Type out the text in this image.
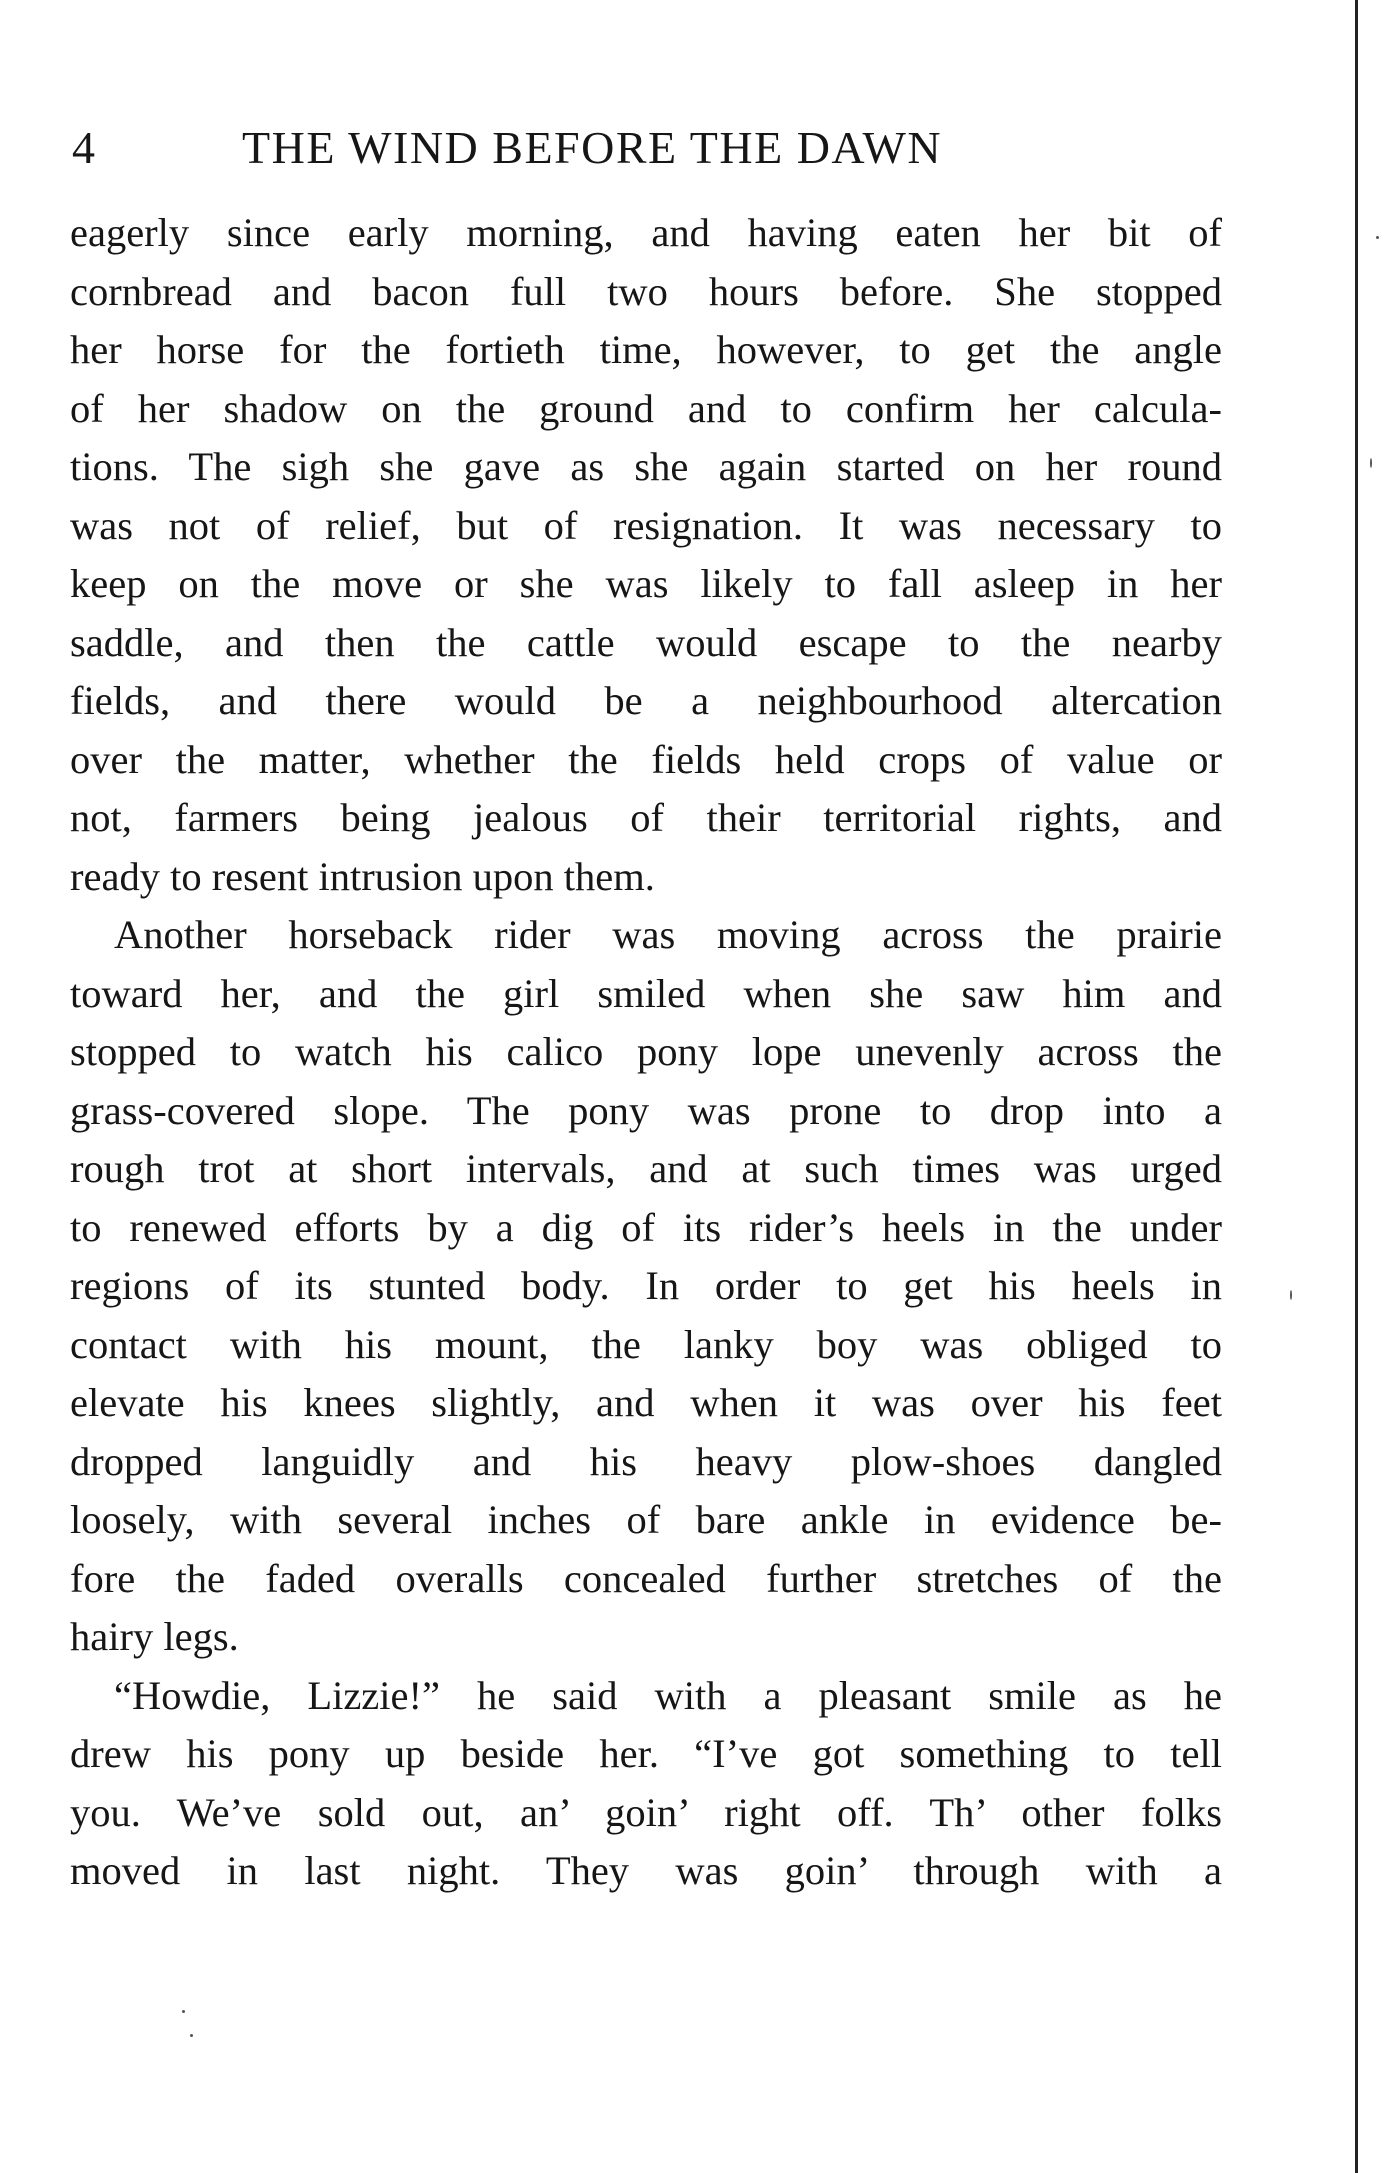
4	THE WIND BEFORE THE DAWN
eagerly since early morning, and having eaten her bit of
cornbread and bacon full two hours before. She stopped
her horse for the fortieth time, however, to get the angle
of her shadow on the ground and to confirm her calcula-
tions. The sigh she gave as she again started on her round
was not of relief, but of resignation. It was necessary to
keep on the move or she was likely to fall asleep in her
saddle, and then the cattle would escape to the nearby
fields, and there would be a neighbourhood altercation
over the matter, whether the fields held crops of value or
not, farmers being jealous of their territorial rights, and
ready to resent intrusion upon them.
Another horseback rider was moving across the prairie
toward her, and the girl smiled when she saw him and
stopped to watch his calico pony lope unevenly across the
grass-covered slope. The pony was prone to drop into a
rough trot at short intervals, and at such times was urged
to renewed efforts by a dig of its rider’s heels in the under
regions of its stunted body. In order to get his heels in
contact with his mount, the lanky boy was obliged to
elevate his knees slightly, and when it was over his feet
dropped languidly and his heavy plow-shoes dangled
loosely, with several inches of bare ankle in evidence be-
fore the faded overalls concealed further stretches of the
hairy legs.
“Howdie, Lizzie!” he said with a pleasant smile as he
drew his pony up beside her. “I’ve got something to tell
you. We’ve sold out, an’ goin’ right off. Th’ other folks
moved in last night. They was goin’ through with a
